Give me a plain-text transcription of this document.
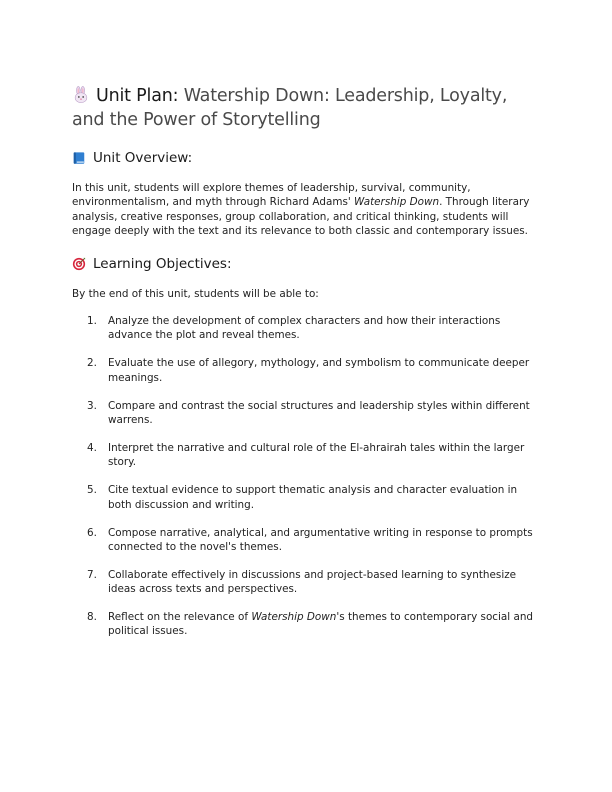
Unit Plan: Watership Down: Leadership, Loyalty, and the Power of Storytelling
Unit Overview:

In this unit, students will explore themes of leadership, survival, community, environmentalism, and myth through Richard Adams' Watership Down. Through literary analysis, creative responses, group collaboration, and critical thinking, students will engage deeply with the text and its relevance to both classic and contemporary issues.

Learning Objectives:

By the end of this unit, students will be able to:

1. Analyze the development of complex characters and how their interactions advance the plot and reveal themes.
2. Evaluate the use of allegory, mythology, and symbolism to communicate deeper meanings.
3. Compare and contrast the social structures and leadership styles within different warrens.
4. Interpret the narrative and cultural role of the El-ahrairah tales within the larger story.
5. Cite textual evidence to support thematic analysis and character evaluation in both discussion and writing.
6. Compose narrative, analytical, and argumentative writing in response to prompts connected to the novel's themes.
7. Collaborate effectively in discussions and project-based learning to synthesize ideas across texts and perspectives.
8. Reflect on the relevance of Watership Down's themes to contemporary social and political issues.
